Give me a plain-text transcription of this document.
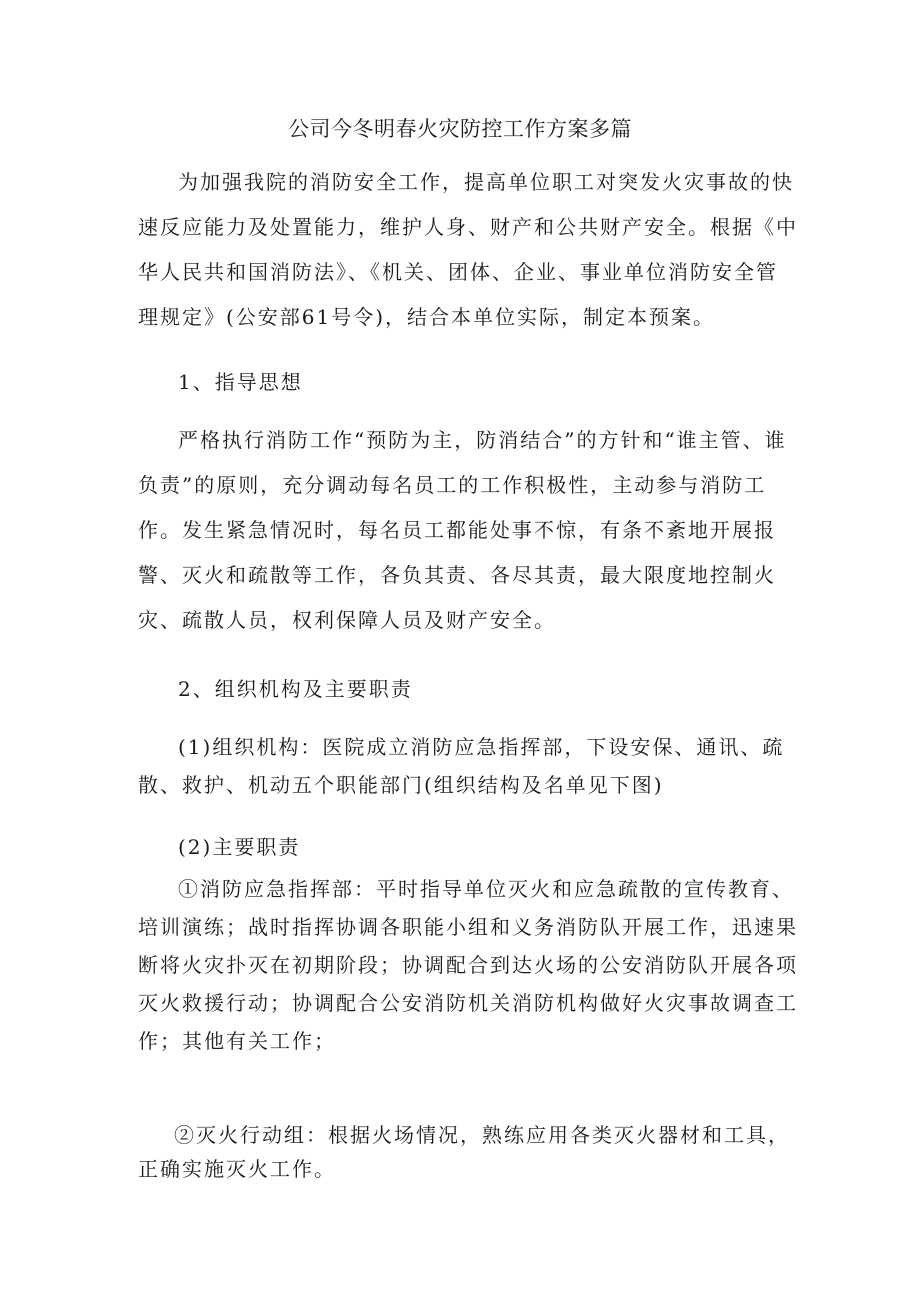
公司今冬明春火灾防控工作方案多篇

为加强我院的消防安全工作，提高单位职工对突发火灾事故的快速反应能力及处置能力，维护人身、财产和公共财产安全。根据《中华人民共和国消防法》、《机关、团体、企业、事业单位消防安全管理规定》(公安部61号令)，结合本单位实际，制定本预案。

1、指导思想

严格执行消防工作“预防为主，防消结合”的方针和“谁主管、谁负责”的原则，充分调动每名员工的工作积极性，主动参与消防工作。发生紧急情况时，每名员工都能处事不惊，有条不紊地开展报警、灭火和疏散等工作，各负其责、各尽其责，最大限度地控制火灾、疏散人员，权利保障人员及财产安全。

2、组织机构及主要职责

(1)组织机构：医院成立消防应急指挥部，下设安保、通讯、疏散、救护、机动五个职能部门(组织结构及名单见下图)

(2)主要职责

①消防应急指挥部：平时指导单位灭火和应急疏散的宣传教育、培训演练；战时指挥协调各职能小组和义务消防队开展工作，迅速果断将火灾扑灭在初期阶段；协调配合到达火场的公安消防队开展各项灭火救援行动；协调配合公安消防机关消防机构做好火灾事故调查工作；其他有关工作；

②灭火行动组：根据火场情况，熟练应用各类灭火器材和工具，正确实施灭火工作。
